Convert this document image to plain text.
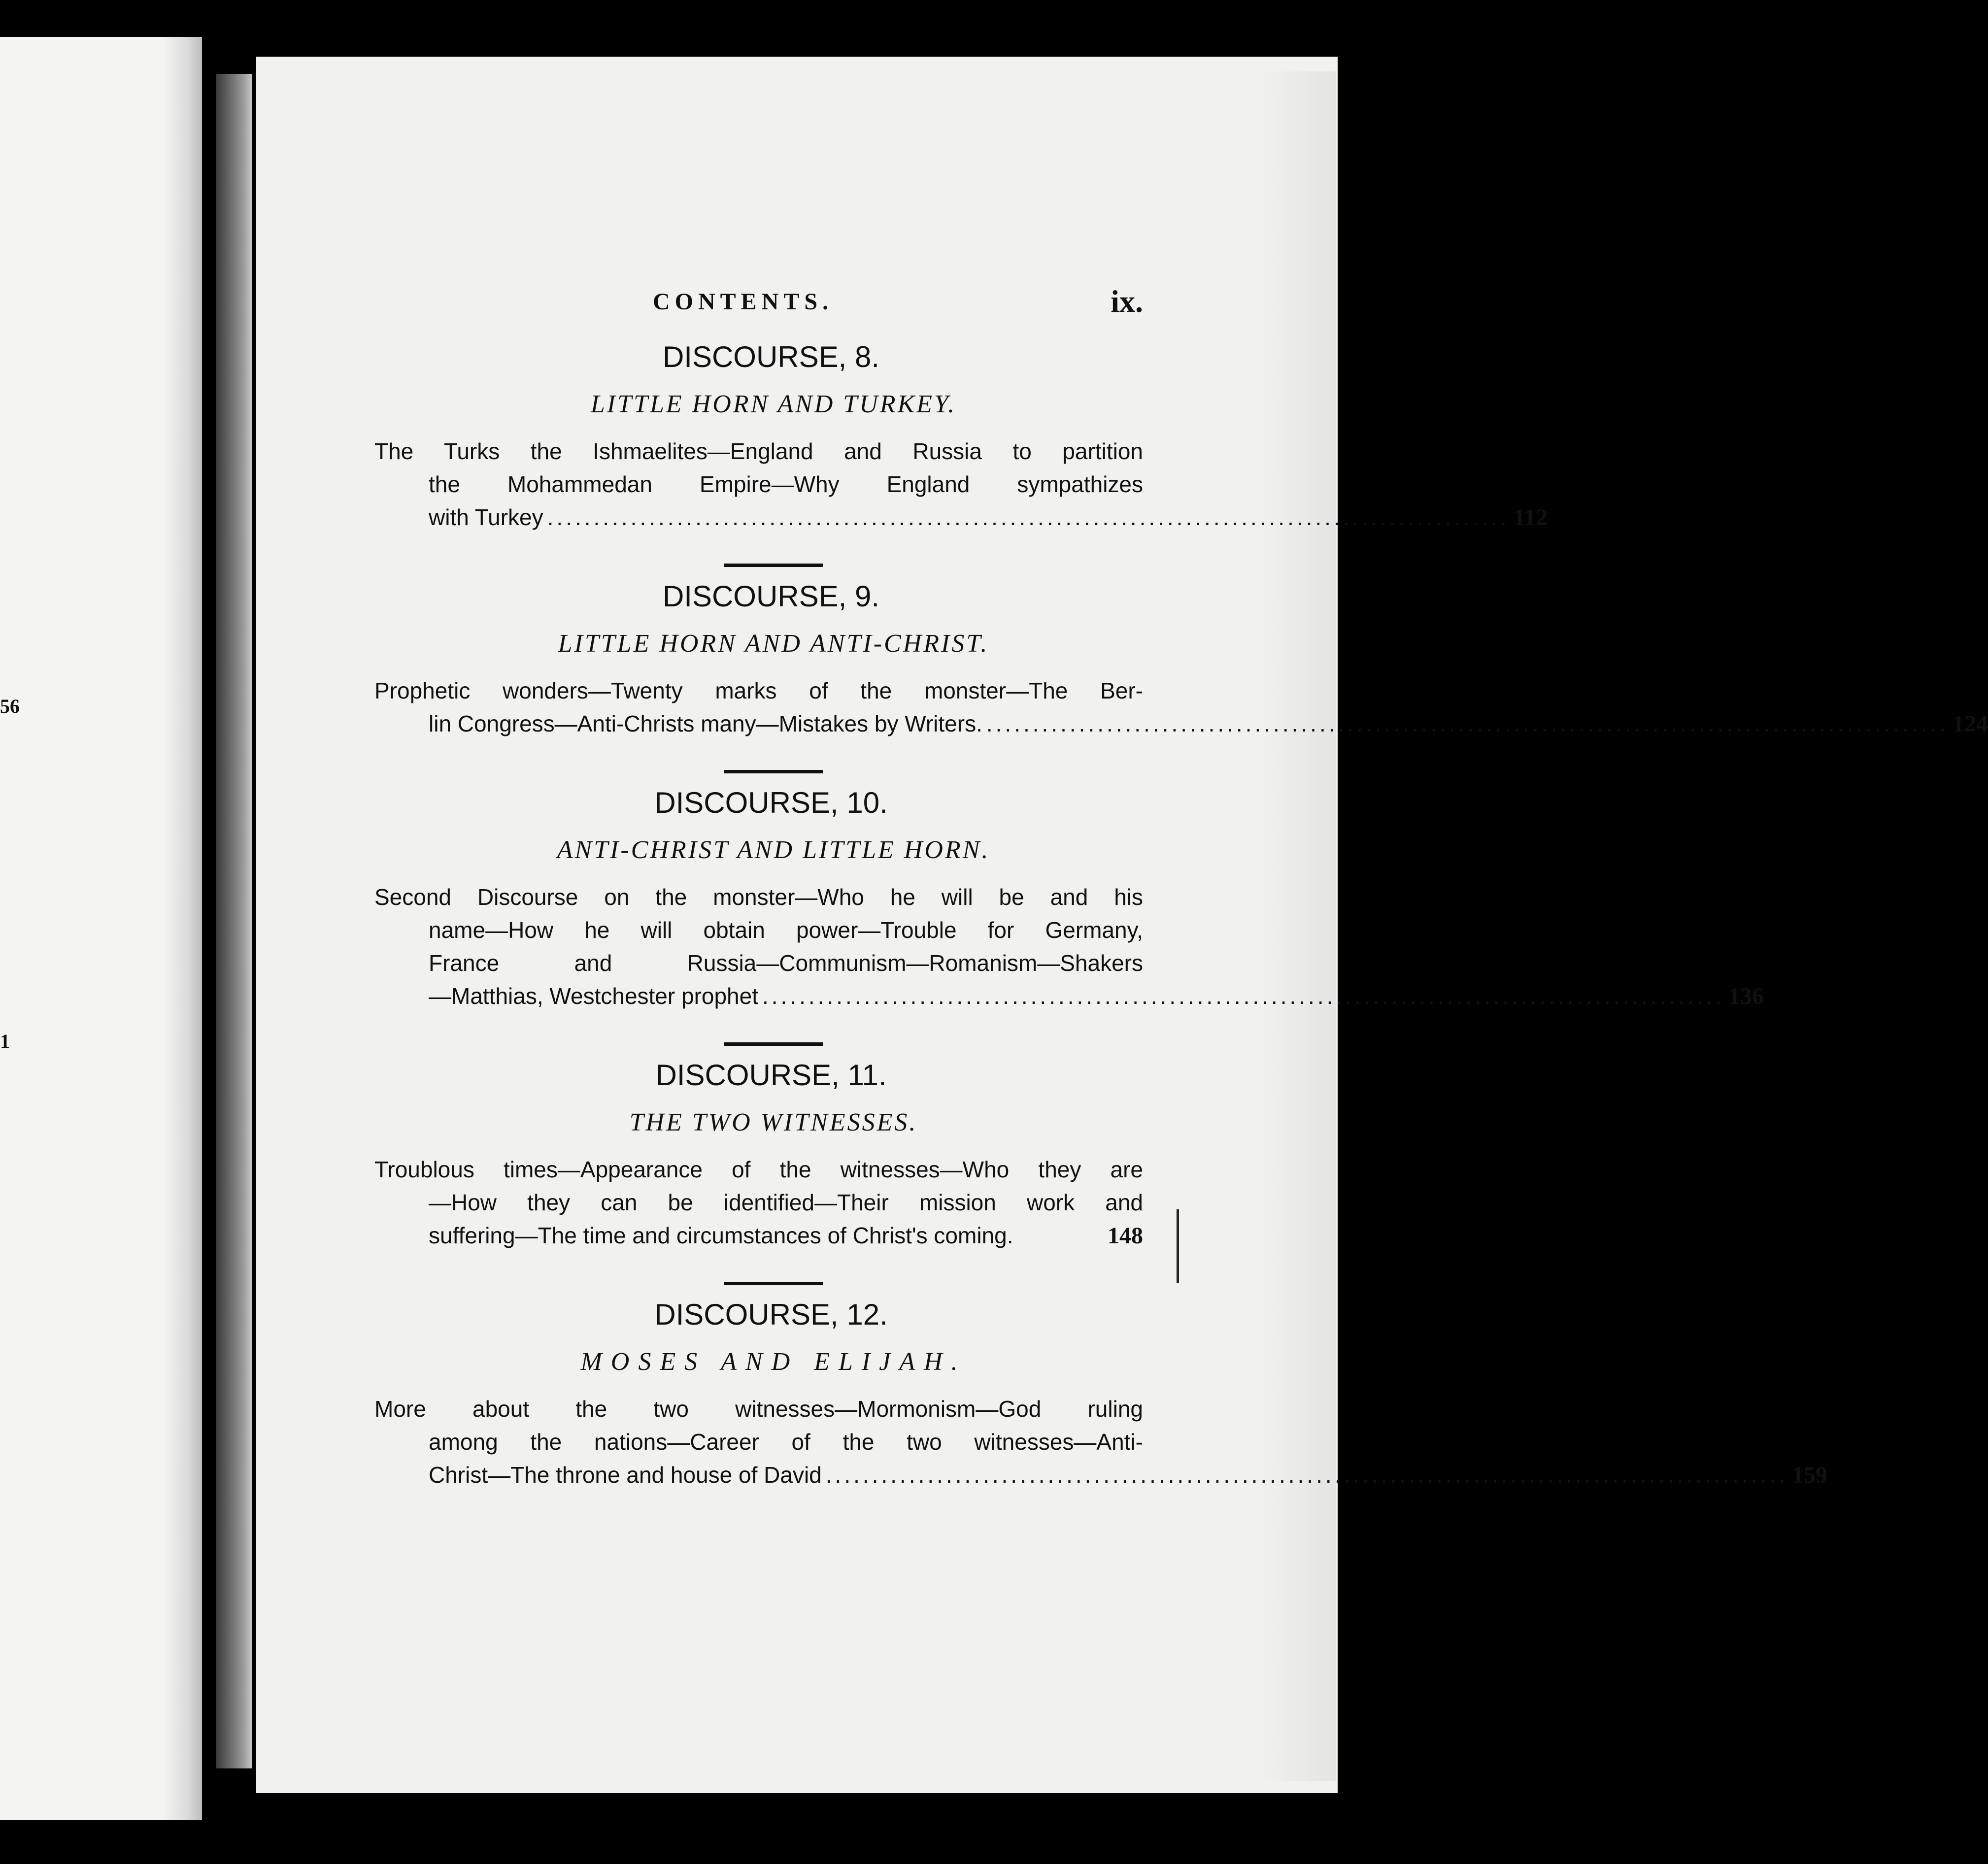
56
1
CONTENTS.	ix.
DISCOURSE, 8.
LITTLE HORN AND TURKEY.
The Turks the Ishmaelites—England and Russia to partition
the Mohammedan Empire—Why England sympathizes
with Turkey ........................................................................................................ 112
DISCOURSE, 9.
LITTLE HORN AND ANTI-CHRIST.
Prophetic wonders—Twenty marks of the monster—The Ber-
lin Congress—Anti-Christs many—Mistakes by Writers. ........................................................................................................ 124
DISCOURSE, 10.
ANTI-CHRIST AND LITTLE HORN.
Second Discourse on the monster—Who he will be and his
name—How he will obtain power—Trouble for Germany,
France and Russia—Communism—Romanism—Shakers
—Matthias, Westchester prophet ........................................................................................................ 136
DISCOURSE, 11.
THE TWO WITNESSES.
Troublous times—Appearance of the witnesses—Who they are
—How they can be identified—Their mission work and
suffering—The time and circumstances of Christ's coming.	148
DISCOURSE, 12.
MOSES AND ELIJAH.
More about the two witnesses—Mormonism—God ruling
among the nations—Career of the two witnesses—Anti-
Christ—The throne and house of David ........................................................................................................ 159
